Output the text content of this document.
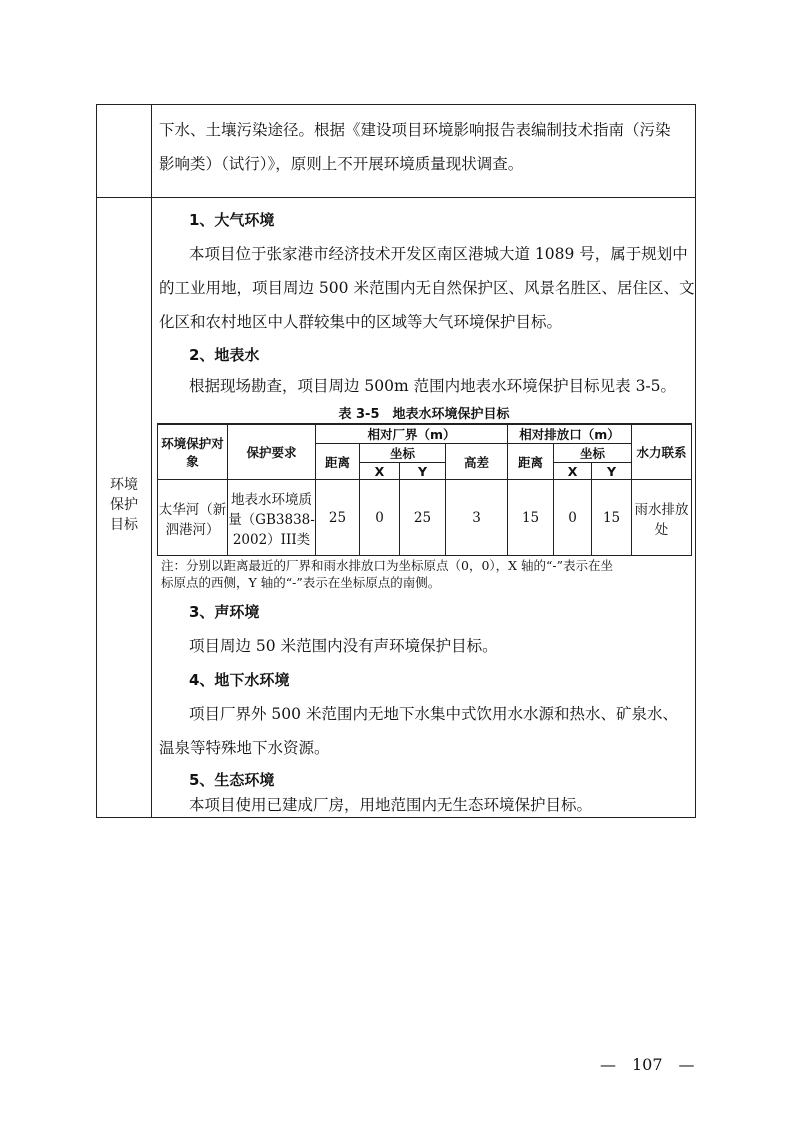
下水、土壤污染途径。根据《建设项目环境影响报告表编制技术指南（污染
影响类）（试行）》，原则上不开展环境质量现状调查。
环境
保护
目标
1、大气环境
本项目位于张家港市经济技术开发区南区港城大道 1089 号，属于规划中
的工业用地，项目周边 500 米范围内无自然保护区、风景名胜区、居住区、文
化区和农村地区中人群较集中的区域等大气环境保护目标。
2、地表水
根据现场勘查，项目周边 500m 范围内地表水环境保护目标见表 3-5。
表 3-5　地表水环境保护目标
环境保护对象	保护要求	相对厂界（m）				相对排放口（m）			水力联系
		距离	坐标		高差	距离	坐标		
			X	Y			X	Y	
太华河（新泗港河）	地表水环境质量（GB3838-2002）III类	25	0	25	3	15	0	15	雨水排放处
注：分别以距离最近的厂界和雨水排放口为坐标原点（0，0），X 轴的“-”表示在坐
标原点的西侧，Y 轴的“-”表示在坐标原点的南侧。
3、声环境
项目周边 50 米范围内没有声环境保护目标。
4、地下水环境
项目厂界外 500 米范围内无地下水集中式饮用水水源和热水、矿泉水、
温泉等特殊地下水资源。
5、生态环境
本项目使用已建成厂房，用地范围内无生态环境保护目标。
—　107　—
